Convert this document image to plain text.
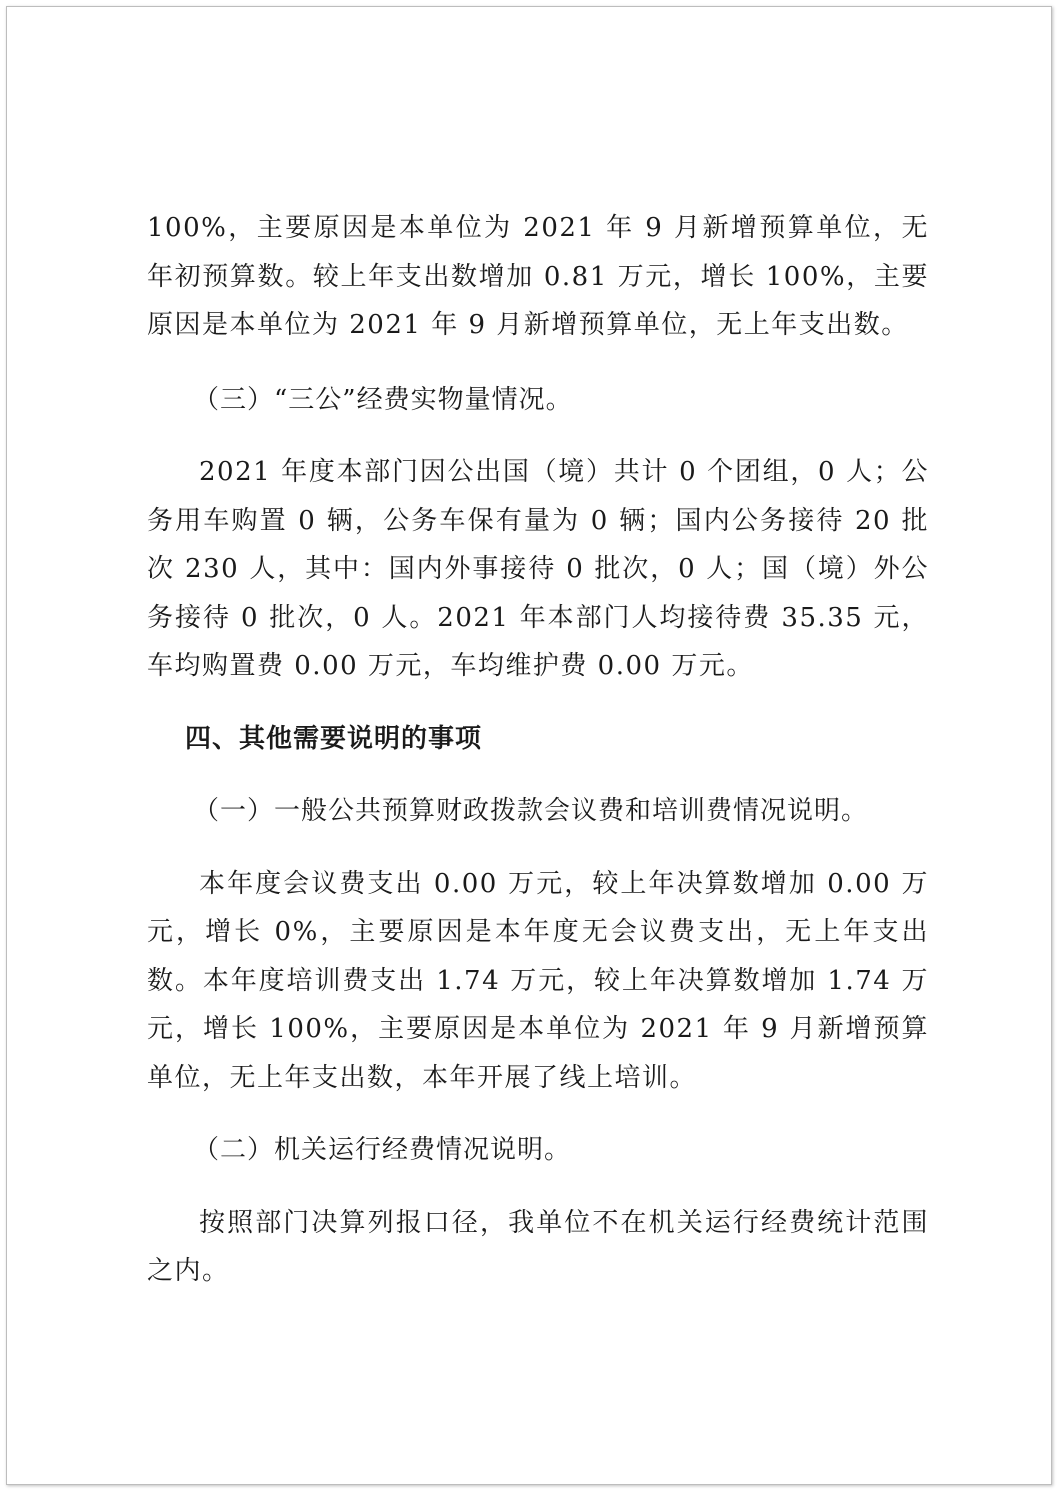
100%，主要原因是本单位为 2021 年 9 月新增预算单位，无年初预算数。较上年支出数增加 0.81 万元，增长 100%，主要原因是本单位为 2021 年 9 月新增预算单位，无上年支出数。

（三）“三公”经费实物量情况。

2021 年度本部门因公出国（境）共计 0 个团组，0 人；公务用车购置 0 辆，公务车保有量为 0 辆；国内公务接待 20 批次 230 人，其中：国内外事接待 0 批次，0 人；国（境）外公务接待 0 批次，0 人。2021 年本部门人均接待费 35.35 元，车均购置费 0.00 万元，车均维护费 0.00 万元。

四、其他需要说明的事项

（一）一般公共预算财政拨款会议费和培训费情况说明。

本年度会议费支出 0.00 万元，较上年决算数增加 0.00 万元，增长 0%，主要原因是本年度无会议费支出，无上年支出数。本年度培训费支出 1.74 万元，较上年决算数增加 1.74 万元，增长 100%，主要原因是本单位为 2021 年 9 月新增预算单位，无上年支出数，本年开展了线上培训。

（二）机关运行经费情况说明。

按照部门决算列报口径，我单位不在机关运行经费统计范围之内。
